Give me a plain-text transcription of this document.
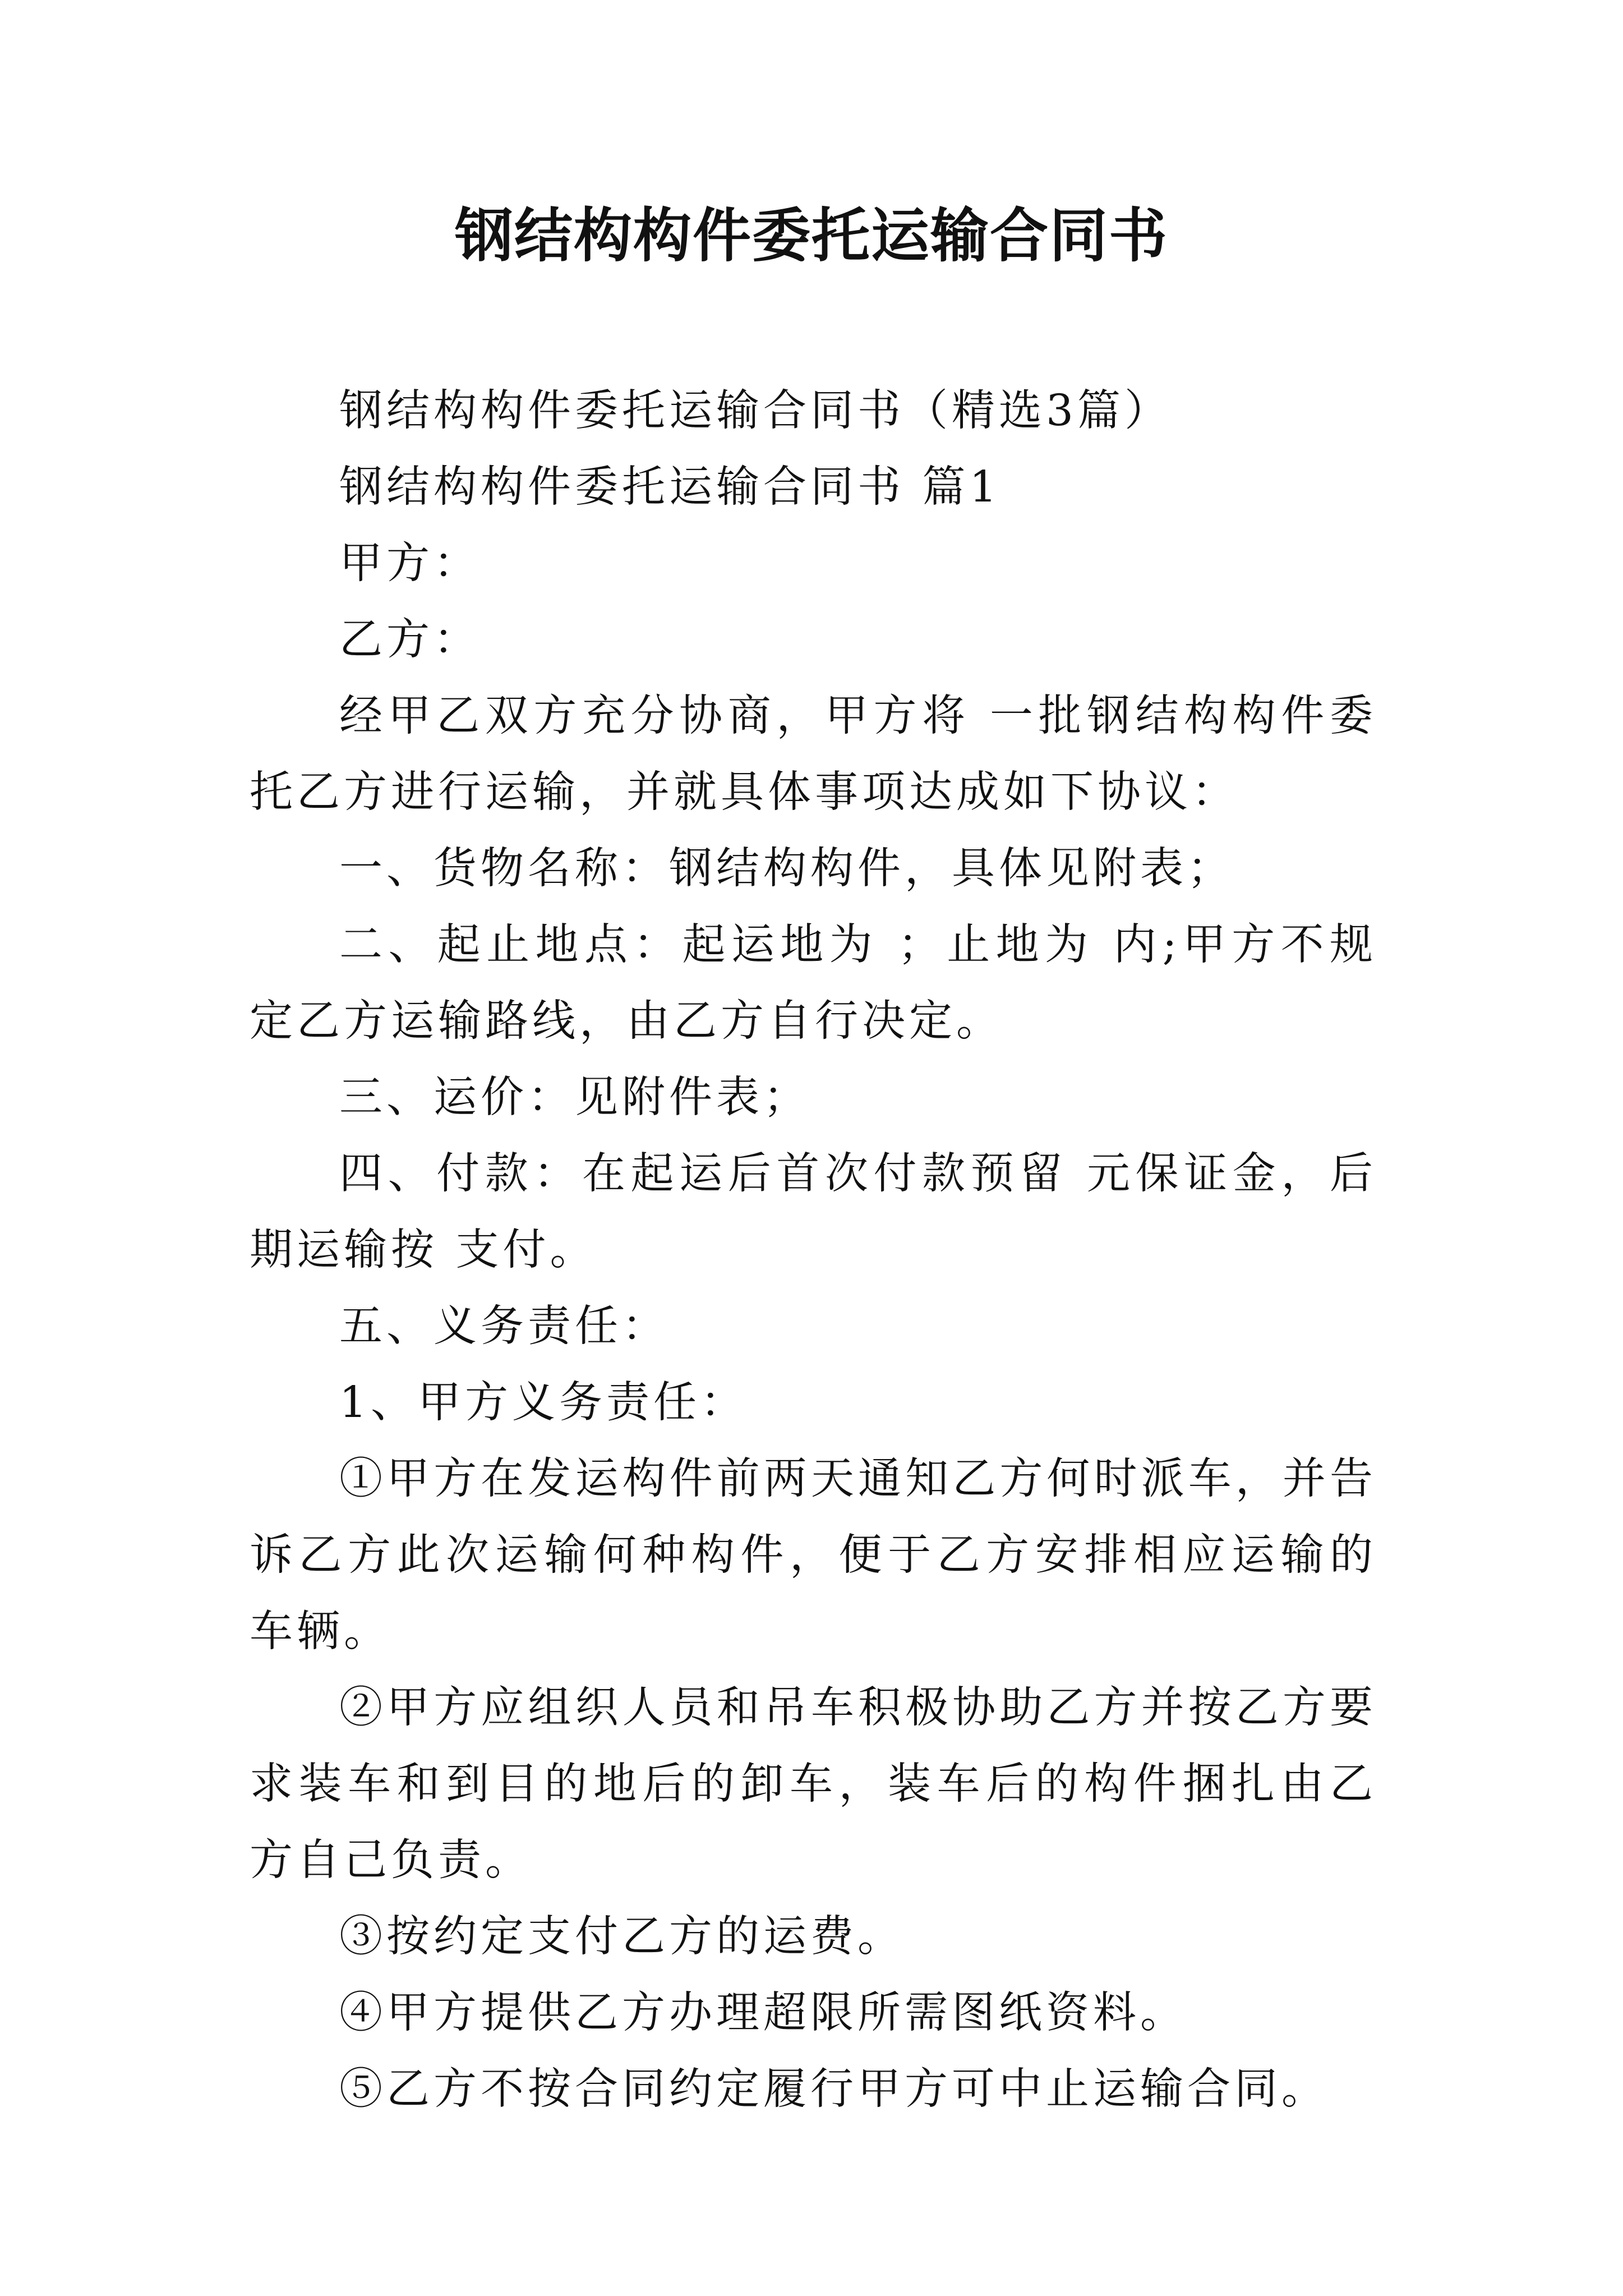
钢结构构件委托运输合同书

钢结构构件委托运输合同书（精选3篇）

钢结构构件委托运输合同书 篇1

甲方：

乙方：

经甲乙双方充分协商，甲方将 一批钢结构构件委托乙方进行运输，并就具体事项达成如下协议：

一、货物名称：钢结构构件，具体见附表；

二、起止地点：起运地为 ；止地为 内;甲方不规定乙方运输路线，由乙方自行决定。

三、运价：见附件表；

四、付款：在起运后首次付款预留 元保证金，后期运输按 支付。

五、义务责任：

1、甲方义务责任：

①甲方在发运构件前两天通知乙方何时派车，并告诉乙方此次运输何种构件，便于乙方安排相应运输的车辆。

②甲方应组织人员和吊车积极协助乙方并按乙方要求装车和到目的地后的卸车，装车后的构件捆扎由乙方自己负责。

③按约定支付乙方的运费。

④甲方提供乙方办理超限所需图纸资料。

⑤乙方不按合同约定履行甲方可中止运输合同。
